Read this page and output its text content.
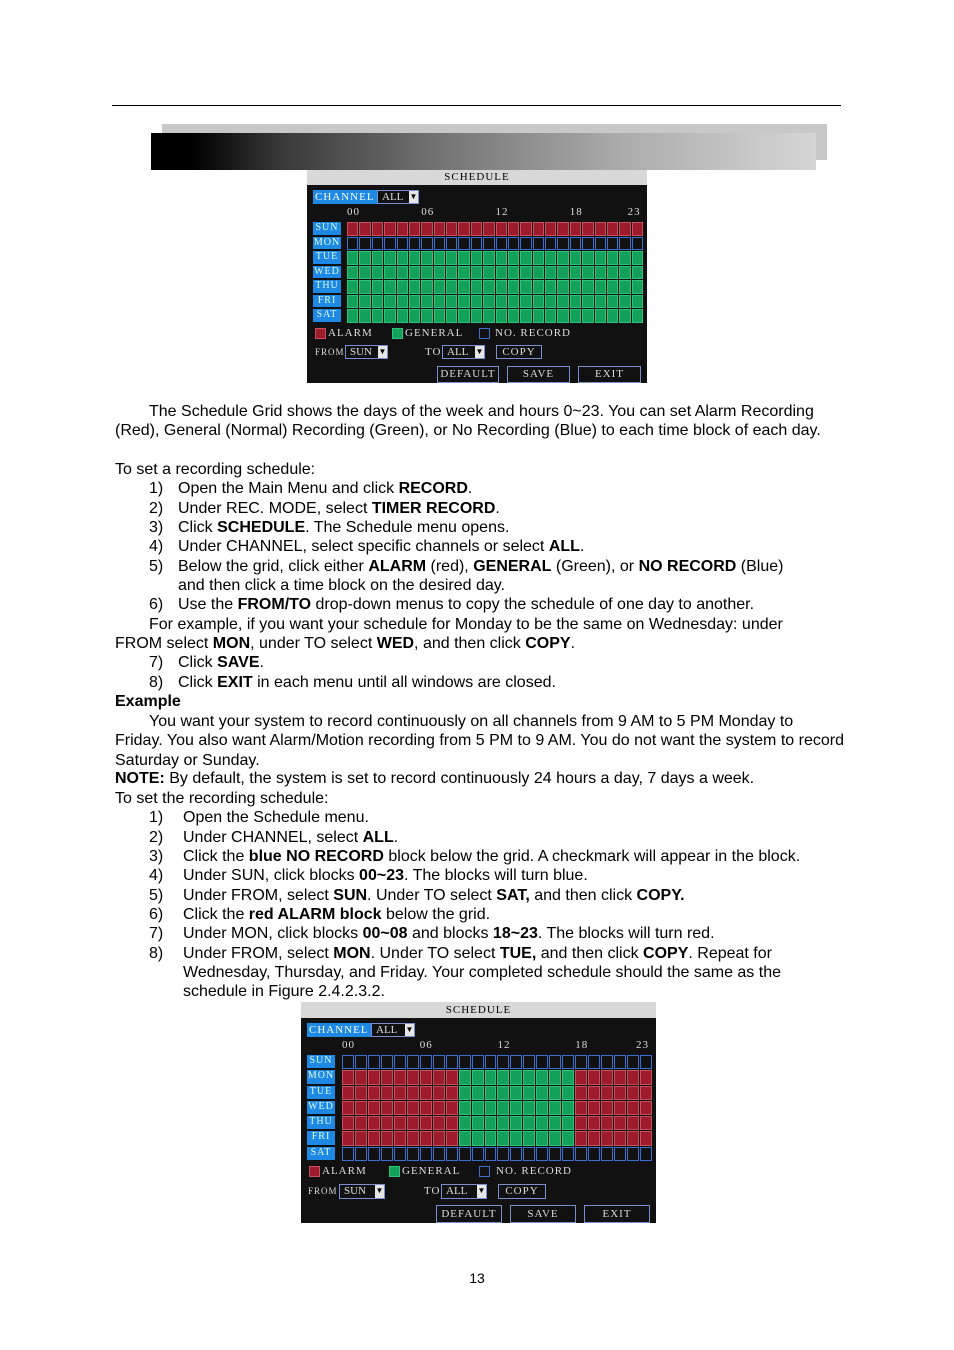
SCHEDULE
CHANNEL ALL ▼
00	06	12	18	23
SUN
MON
TUE
WED
THU
FRI
SAT
ALARM	GENERAL	NO. RECORD
FROM SUN ▼	TO ALL ▼	COPY
DEFAULT	SAVE	EXIT
The Schedule Grid shows the days of the week and hours 0~23. You can set Alarm Recording (Red), General (Normal) Recording (Green), or No Recording (Blue) to each time block of each day.
To set a recording schedule:
1) Open the Main Menu and click RECORD.
2) Under REC. MODE, select TIMER RECORD.
3) Click SCHEDULE. The Schedule menu opens.
4) Under CHANNEL, select specific channels or select ALL.
5) Below the grid, click either ALARM (red), GENERAL (Green), or NO RECORD (Blue)
and then click a time block on the desired day.
6) Use the FROM/TO drop-down menus to copy the schedule of one day to another.
For example, if you want your schedule for Monday to be the same on Wednesday: under
FROM select MON, under TO select WED, and then click COPY.
7) Click SAVE.
8) Click EXIT in each menu until all windows are closed.
Example
You want your system to record continuously on all channels from 9 AM to 5 PM Monday to Friday. You also want Alarm/Motion recording from 5 PM to 9 AM. You do not want the system to record Saturday or Sunday.
NOTE: By default, the system is set to record continuously 24 hours a day, 7 days a week.
To set the recording schedule:
1) Open the Schedule menu.
2) Under CHANNEL, select ALL.
3) Click the blue NO RECORD block below the grid. A checkmark will appear in the block.
4) Under SUN, click blocks 00~23. The blocks will turn blue.
5) Under FROM, select SUN. Under TO select SAT, and then click COPY.
6) Click the red ALARM block below the grid.
7) Under MON, click blocks 00~08 and blocks 18~23. The blocks will turn red.
8) Under FROM, select MON. Under TO select TUE, and then click COPY. Repeat for
Wednesday, Thursday, and Friday. Your completed schedule should the same as the
schedule in Figure 2.4.2.3.2.
SCHEDULE
CHANNEL ALL ▼
00	06	12	18	23
SUN
MON
TUE
WED
THU
FRI
SAT
ALARM	GENERAL	NO. RECORD
FROM SUN ▼	TO ALL ▼	COPY
DEFAULT	SAVE	EXIT
13
